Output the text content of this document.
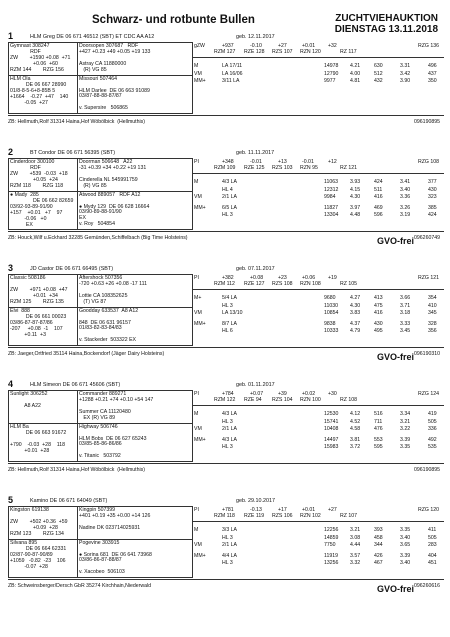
Schwarz- und rotbunte Bullen	ZUCHTVIEHAUKTION
DIENSTAG 13.11.2018
1	HLM Greg DE 06 671 46512 (SBT) ET CDC AA A12	geb. 12.11.2017
Gymnast 308247
RDF
ZW        +1590 +0.08  +71
+0.06  +60
RZM 144        RZG 156
HLM Ola
DE 06 667 28990
01/8-8-5-6+8-85B 5
+1664    -0.27  +47    140
-0.05  +27
Doorsopen 307687   RDF
+427 +0.23 +49 +0.05 +19 133
Astray CA 11880000
(R) VG 85
Missouri 507464
HLM Darlee  DE 06 663 91089
03/87-88-88-87/87
v. Supersire   506865
gZW	+937	-0.10	+27	+0.01 +32	RZG 136
RZM 127 RZE 128 RZS 107 RZN 120	RZ 117
M	LA 17/11	14978 4.21	630	3.31	496
VM	LA 16/06	12790 4.00	512	3.42	437
MM+	3/11 LA	9977	4.81	432	3.90	350
ZB: Hellmuth,Rolf 31314 Haina,Hof Wöbölbick  (Hellmuthis)	096190895
2	BT Condor DE 06 671 56395 (SBT)	geb. 11.11.2017
Cinderdoor 300100
RDF
ZW        +539  -0.03  +18
+0.05  +24
RZM 118        RZG 118
● Mady  285
DE 06 662 82659
03/92-93-89-91/90
+157    +0.01   +7    97
-0.06   +0
EX
Doorman 506648   A22
-31 +0.39 +34 +0.22 +19 131
Cinderella NL 545991759
(R) VG 85
Atwood 889057   RDF A12
● Mydy 129  DE 06 628 16664
03/90-89-88-91/90
EX
v. Roy   504854
PI	+348	-0.01	+13	-0.01	+12	RZG 108
RZM 109 RZE 125 RZS 103 RZN 95	RZ 121
M	4/3 LA	11063 3.93	424	3.41	377
HL 4	12312 4.15	511	3.40	430
VM	2/1 LA	9984	4.30	416	3.36	323
MM+	6/5 LA	11827 3.97	469	3.26	385
HL 3	13304 4.48	596	3.19	424
ZB: Houck,Wilf u.Eckhard 32285 Gemünden,Schiffelbach (Big Time Holsteins)	096260749
GVO-frei
3	JD Castor DE 06 671 66495 (SBT)	geb. 07.11.2017
Classic 508186
ZW        +971 +0.08  +47
+0.01  +34
RZM 125        RZG 135
Elvi  888
DE 06 661 00023
03/86-87-87-87/86
-207     +0.08  -1    107
+0.11  +3
Aftershock 507356
-720 +0.63 +26 +0.08 -17 111
Lottie CA 108352625
(T) VG 87
Goodday 633537  A8 A12
848  DE 06 631 96157
01/83-82-83-84/83
v. Stackeder  503322 EX
PI	+382	+0.08	+23	+0.06 +19	RZG 121
RZM 112 RZE 127 RZS 108 RZN 108	RZ 105
M+	5/4 LA	9680	4.27	413	3.66	354
HL 3	11030 4.30	475	3.71	410
VM	LA 13/10	10854 3.83	416	3.18	345
MM+	8/7 LA	9838	4.37	430	3.33	328
HL 6	10333 4.79	495	3.45	356
ZB: Jaeger,Ortfried 35114 Haina,Bockendorf (Jäger Dairy Holsteins)	096190310
GVO-frei
4	HLM Simeon DE 06 671 45606 (SBT)	geb. 01.11.2017
Sunlight 306252
A8 A22
HLM Ba
DE 06 663 91672
+790    -0.03  +28    118
+0.01  +28
Commander 889271
+1288 +0.21 +74 +0.10 +54 147
Summer CA 11120480
EX (R) VG 89
Highway 506746
HLM Bobs  DE 06 627 65243
03/85-85-86-86/86
v. Titanic   503792
PI	+784	+0.07	+39	+0.02 +30	RZG 124
RZM 122 RZE 94 RZS 104 RZN 100	RZ 108
M	4/3 LA	12530 4.12	516	3.34	419
HL 3	15741 4.52	711	3.21	505
VM	2/1 LA	10408 4.58	476	3.22	336
MM+	4/3 LA	14497 3.81	553	3.39	492
HL 3	15983 3.72	595	3.35	535
ZB: Hellmuth,Rolf 31314 Haina,Hof Wöbölbick  (Hellmuthis)	096190895
5	Kamino DE 06 671 64049 (SBT)	geb. 29.10.2017
Kingston 619138
ZW        +502 +0.36  +59
+0.09  +28
RZM 123        RZG 134
Silvana 895
DE 06 664 62331
02/87-90-87-90/89
+1059   -0.82  -23    106
-0.07  +28
Kingpin 507399
+401 +0.19 +35 +0.00 +14 126
Nadine DK 023714025931
Pogevine 303915
● Sorina 681  DE 06 641 73968
03/86-86-87-88/87
v. Xacobeo  506103
PI	+781	-0.13	+17	+0.01 +27	RZG 120
RZM 118 RZE 119 RZS 106 RZN 102	RZ 107
M	3/3 LA	12256 3.21	393	3.35	411
HL 3	14859 3.08	458	3.40	505
VM	2/1 LA	7750	4.44	344	3.65	283
MM+	4/4 LA	11919 3.57	426	3.39	404
HL 3	13256 3.32	467	3.40	451
ZB: Schweinsberger/Dersch GbR 35274 Kirchhain,Niederwald	096260616
GVO-frei
